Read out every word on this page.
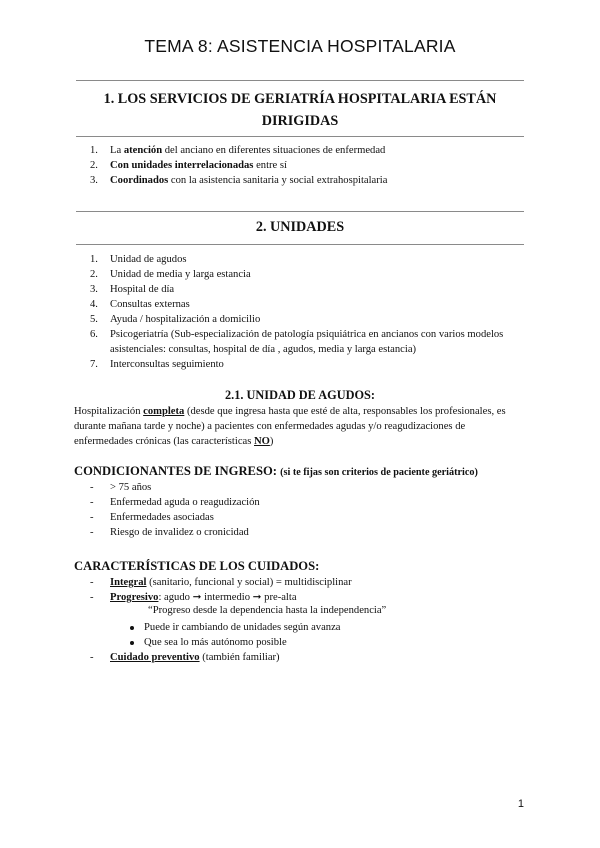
TEMA 8: ASISTENCIA HOSPITALARIA
1. LOS SERVICIOS DE GERIATRÍA HOSPITALARIA ESTÁN
DIRIGIDAS
1.	La atención del anciano en diferentes situaciones de enfermedad
2.	Con unidades interrelacionadas entre sí
3.	Coordinados con la asistencia sanitaria y social extrahospitalaria
2. UNIDADES
1.	Unidad de agudos
2.	Unidad de media y larga estancia
3.	Hospital de día
4.	Consultas externas
5.	Ayuda / hospitalización a domicilio
6.	Psicogeriatría (Sub-especialización de patología psiquiátrica en ancianos con varios modelos asistenciales: consultas, hospital de día , agudos, media y larga estancia)
7.	Interconsultas seguimiento
2.1. UNIDAD DE AGUDOS:
Hospitalización completa (desde que ingresa hasta que esté de alta, responsables los profesionales, es durante mañana tarde y noche) a pacientes con enfermedades agudas y/o reagudizaciones de enfermedades crónicas (las características NO)
CONDICIONANTES DE INGRESO: (si te fijas son criterios de paciente geriátrico)
-	> 75 años
-	Enfermedad aguda o reagudización
-	Enfermedades asociadas
-	Riesgo de invalidez o cronicidad
CARACTERÍSTICAS DE LOS CUIDADOS:
-	Integral (sanitario, funcional y social) = multidisciplinar
-	Progresivo: agudo ➞ intermedio ➞ pre-alta
“Progreso desde la dependencia hasta la independencia”
Puede ir cambiando de unidades según avanza
Que sea lo más autónomo posible
-	Cuidado preventivo (también familiar)
1
